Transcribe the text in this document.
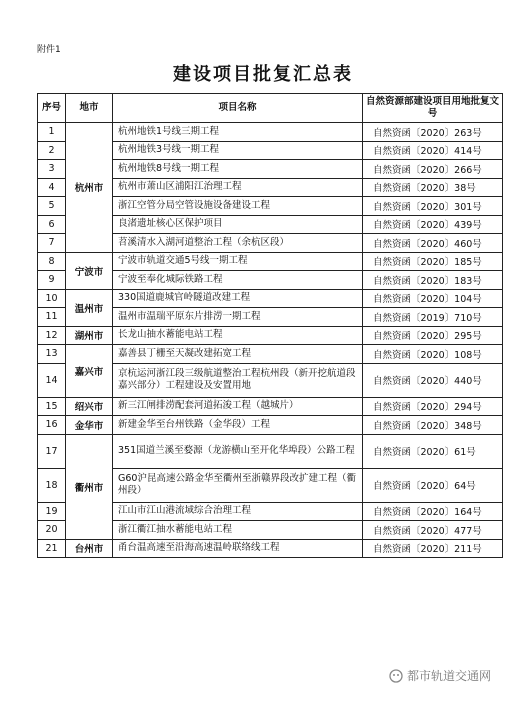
附件1
建设项目批复汇总表
序号	地市	项目名称	自然资源部建设项目用地批复文号
1	杭州市	杭州地铁1号线三期工程	自然资函〔2020〕263号
2		杭州地铁3号线一期工程	自然资函〔2020〕414号
3		杭州地铁8号线一期工程	自然资函〔2020〕266号
4		杭州市萧山区浦阳江治理工程	自然资函〔2020〕38号
5		浙江空管分局空管设施设备建设工程	自然资函〔2020〕301号
6		良渚遗址核心区保护项目	自然资函〔2020〕439号
7		苕溪清水入湖河道整治工程（余杭区段）	自然资函〔2020〕460号
8	宁波市	宁波市轨道交通5号线一期工程	自然资函〔2020〕185号
9		宁波至奉化城际铁路工程	自然资函〔2020〕183号
10	温州市	330国道鹿城官岭隧道改建工程	自然资函〔2020〕104号
11		温州市温瑞平原东片排涝一期工程	自然资函〔2019〕710号
12	湖州市	长龙山抽水蓄能电站工程	自然资函〔2020〕295号
13	嘉兴市	嘉善县丁栅至天凝改建拓宽工程	自然资函〔2020〕108号
14		京杭运河浙江段三级航道整治工程杭州段（新开挖航道段嘉兴部分）工程建设及安置用地	自然资函〔2020〕440号
15	绍兴市	新三江闸排涝配套河道拓浚工程（越城片）	自然资函〔2020〕294号
16	金华市	新建金华至台州铁路（金华段）工程	自然资函〔2020〕348号
17	衢州市	351国道兰溪至婺源（龙游横山至开化华埠段）公路工程	自然资函〔2020〕61号
18		G60沪昆高速公路金华至衢州至浙赣界段改扩建工程（衢州段）	自然资函〔2020〕64号
19		江山市江山港流域综合治理工程	自然资函〔2020〕164号
20		浙江衢江抽水蓄能电站工程	自然资函〔2020〕477号
21	台州市	甬台温高速至沿海高速温岭联络线工程	自然资函〔2020〕211号
都市轨道交通网
